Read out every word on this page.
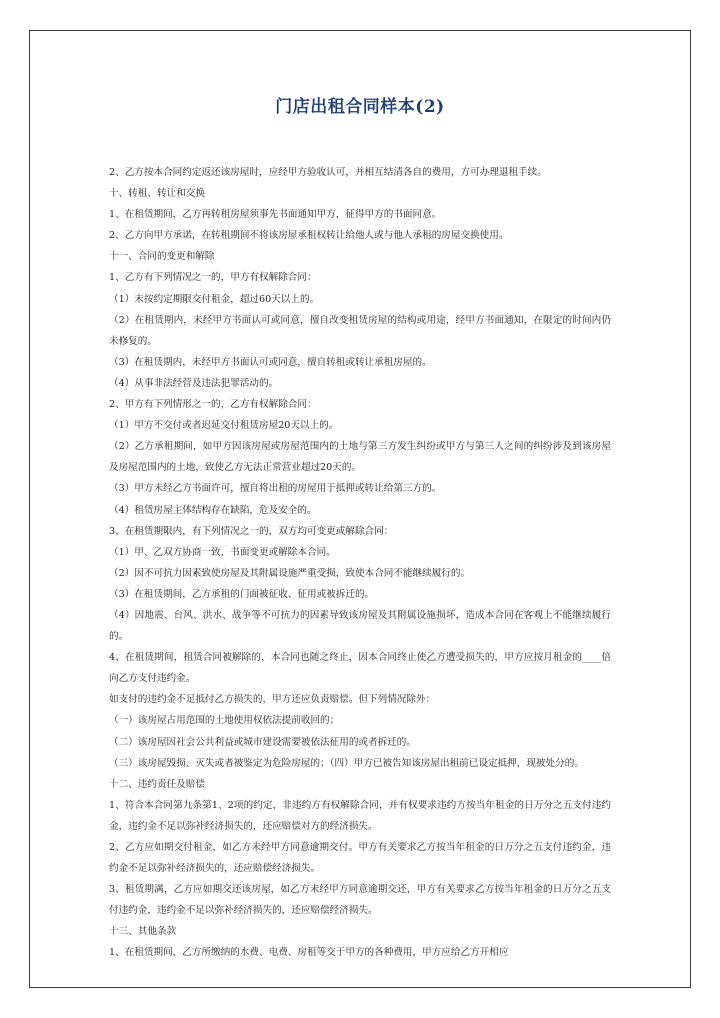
门店出租合同样本(2)

2、乙方按本合同约定返还该房屋时，应经甲方验收认可，并相互结清各自的费用，方可办理退租手续。

十、转租、转让和交换

1、在租赁期间，乙方再转租房屋须事先书面通知甲方，征得甲方的书面同意。

2、乙方向甲方承诺，在转租期间不将该房屋承租权转让给他人或与他人承租的房屋交换使用。

十一、合同的变更和解除

1、乙方有下列情况之一的，甲方有权解除合同：

（1）未按约定期限交付租金，超过60天以上的。

（2）在租赁期内，未经甲方书面认可或同意，擅自改变租赁房屋的结构或用途，经甲方书面通知，在限定的时间内仍未修复的。

（3）在租赁期内，未经甲方书面认可或同意，擅自转租或转让承租房屋的。

（4）从事非法经营及违法犯罪活动的。

2、甲方有下列情形之一的，乙方有权解除合同：

（1）甲方不交付或者迟延交付租赁房屋20天以上的。

（2）乙方承租期间，如甲方因该房屋或房屋范围内的土地与第三方发生纠纷或甲方与第三人之间的纠纷涉及到该房屋及房屋范围内的土地，致使乙方无法正常营业超过20天的。

（3）甲方未经乙方书面许可，擅自将出租的房屋用于抵押或转让给第三方的。

（4）租赁房屋主体结构存在缺陷，危及安全的。

3、在租赁期限内，有下列情况之一的，双方均可变更或解除合同：

（1）甲、乙双方协商一致，书面变更或解除本合同。

（2）因不可抗力因素致使房屋及其附属设施严重受损，致使本合同不能继续履行的。

（3）在租赁期间，乙方承租的门面被征收、征用或被拆迁的。

（4）因地震、台风、洪水、战争等不可抗力的因素导致该房屋及其附属设施损坏，造成本合同在客观上不能继续履行的。

4、在租赁期间，租赁合同被解除的，本合同也随之终止，因本合同终止使乙方遭受损失的，甲方应按月租金的____倍向乙方支付违约金。

如支付的违约金不足抵付乙方损失的，甲方还应负责赔偿。但下列情况除外：

（一）该房屋占用范围的土地使用权依法提前收回的；

（二）该房屋因社会公共利益或城市建设需要被依法征用的或者拆迁的。

（三）该房屋毁损、灭失或者被鉴定为危险房屋的；（四）甲方已被告知该房屋出租前已设定抵押，现被处分的。

十二、违约责任及赔偿

1、符合本合同第九条第1、2项的约定，非违约方有权解除合同，并有权要求违约方按当年租金的日万分之五支付违约金，违约金不足以弥补经济损失的，还应赔偿对方的经济损失。

2、乙方应如期交付租金，如乙方未经甲方同意逾期交付。甲方有关要求乙方按当年租金的日万分之五支付违约金，违约金不足以弥补经济损失的，还应赔偿经济损失。

3、租赁期满，乙方应如期交还该房屋，如乙方未经甲方同意逾期交还，甲方有关要求乙方按当年租金的日万分之五支付违约金，违约金不足以弥补经济损失的，还应赔偿经济损失。

十三、其他条款

1、在租赁期间，乙方所缴纳的水费、电费、房租等交于甲方的各种费用，甲方应给乙方开相应
